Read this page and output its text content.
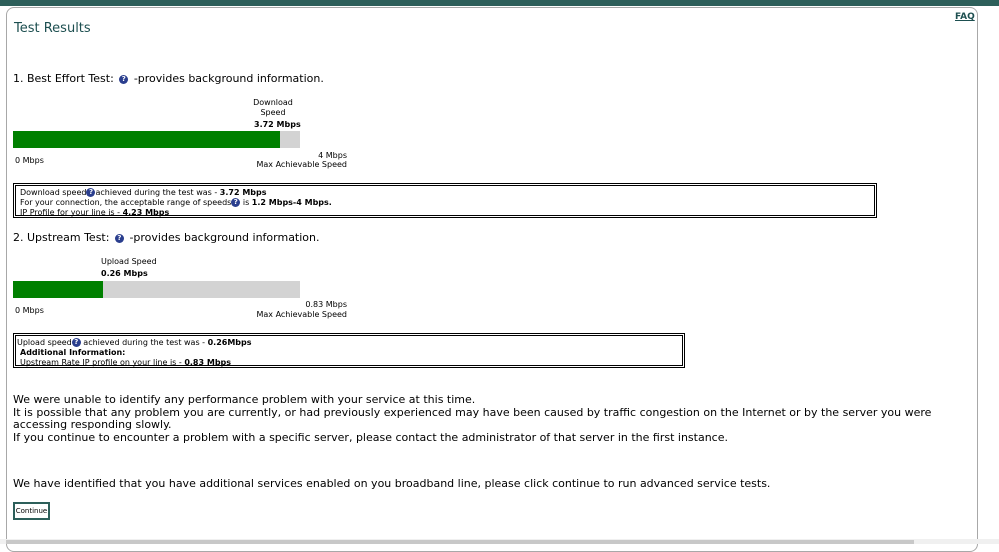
Test Results
FAQ
1. Best Effort Test: ? -provides background information.
Download
Speed
3.72 Mbps
0 Mbps
4 Mbps
Max Achievable Speed
Download speed ? achieved during the test was - 3.72 Mbps
For your connection, the acceptable range of speeds ? is 1.2 Mbps-4 Mbps.
IP Profile for your line is - 4.23 Mbps
2. Upstream Test: ? -provides background information.
Upload Speed
0.26 Mbps
0 Mbps
0.83 Mbps
Max Achievable Speed
Upload speed ? achieved during the test was - 0.26Mbps
Additional Information:
Upstream Rate IP profile on your line is - 0.83 Mbps
We were unable to identify any performance problem with your service at this time.
It is possible that any problem you are currently, or had previously experienced may have been caused by traffic congestion on the Internet or by the server you were accessing responding slowly.
If you continue to encounter a problem with a specific server, please contact the administrator of that server in the first instance.
We have identified that you have additional services enabled on you broadband line, please click continue to run advanced service tests.
Continue
